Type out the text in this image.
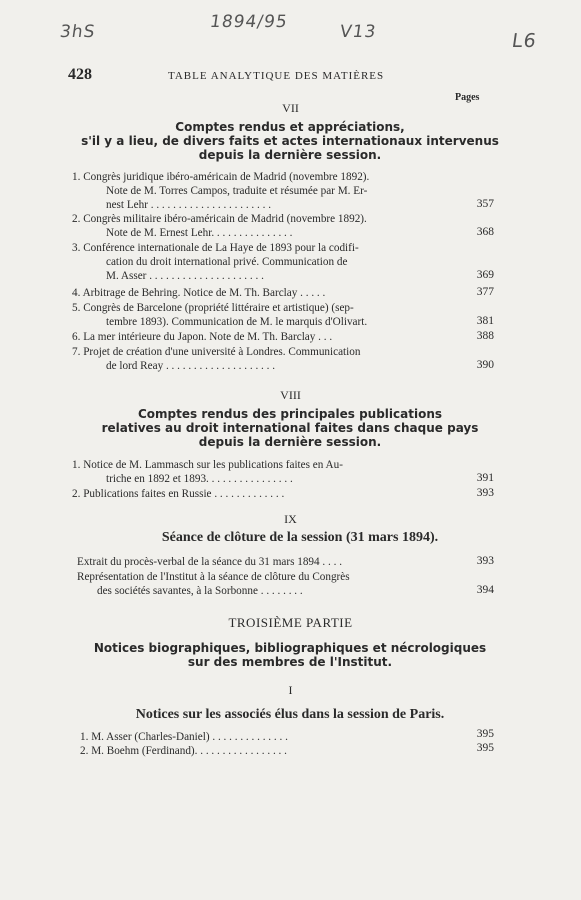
3hS	1894/95	V13	L6
428	TABLE ANALYTIQUE DES MATIÈRES
Pages
VII
Comptes rendus et appréciations,
s'il y a lieu, de divers faits et actes internationaux intervenus
depuis la dernière session.
1. Congrès juridique ibéro-américain de Madrid (novembre 1892).
Note de M. Torres Campos, traduite et résumée par M. Er-
nest Lehr . . . . . . . . . . . . . . . . . . . . . .	357
2. Congrès militaire ibéro-américain de Madrid (novembre 1892).
Note de M. Ernest Lehr. . . . . . . . . . . . . . .	368
3. Conférence internationale de La Haye de 1893 pour la codifi-
cation du droit international privé. Communication de
M. Asser . . . . . . . . . . . . . . . . . . . . .	369
4. Arbitrage de Behring. Notice de M. Th. Barclay . . . . .	377
5. Congrès de Barcelone (propriété littéraire et artistique) (sep-
tembre 1893). Communication de M. le marquis d'Olivart.	381
6. La mer intérieure du Japon. Note de M. Th. Barclay . . .	388
7. Projet de création d'une université à Londres. Communication
de lord Reay . . . . . . . . . . . . . . . . . . . .	390
VIII
Comptes rendus des principales publications
relatives au droit international faites dans chaque pays
depuis la dernière session.
1. Notice de M. Lammasch sur les publications faites en Au-
triche en 1892 et 1893. . . . . . . . . . . . . . . .	391
2. Publications faites en Russie . . . . . . . . . . . . .	393
IX
Séance de clôture de la session (31 mars 1894).
Extrait du procès-verbal de la séance du 31 mars 1894 . . . .	393
Représentation de l'Institut à la séance de clôture du Congrès
des sociétés savantes, à la Sorbonne . . . . . . . .	394
TROISIÈME PARTIE
Notices biographiques, bibliographiques et nécrologiques
sur des membres de l'Institut.
I
Notices sur les associés élus dans la session de Paris.
1. M. Asser (Charles-Daniel) . . . . . . . . . . . . . .	395
2. M. Boehm (Ferdinand). . . . . . . . . . . . . . . . .	395
